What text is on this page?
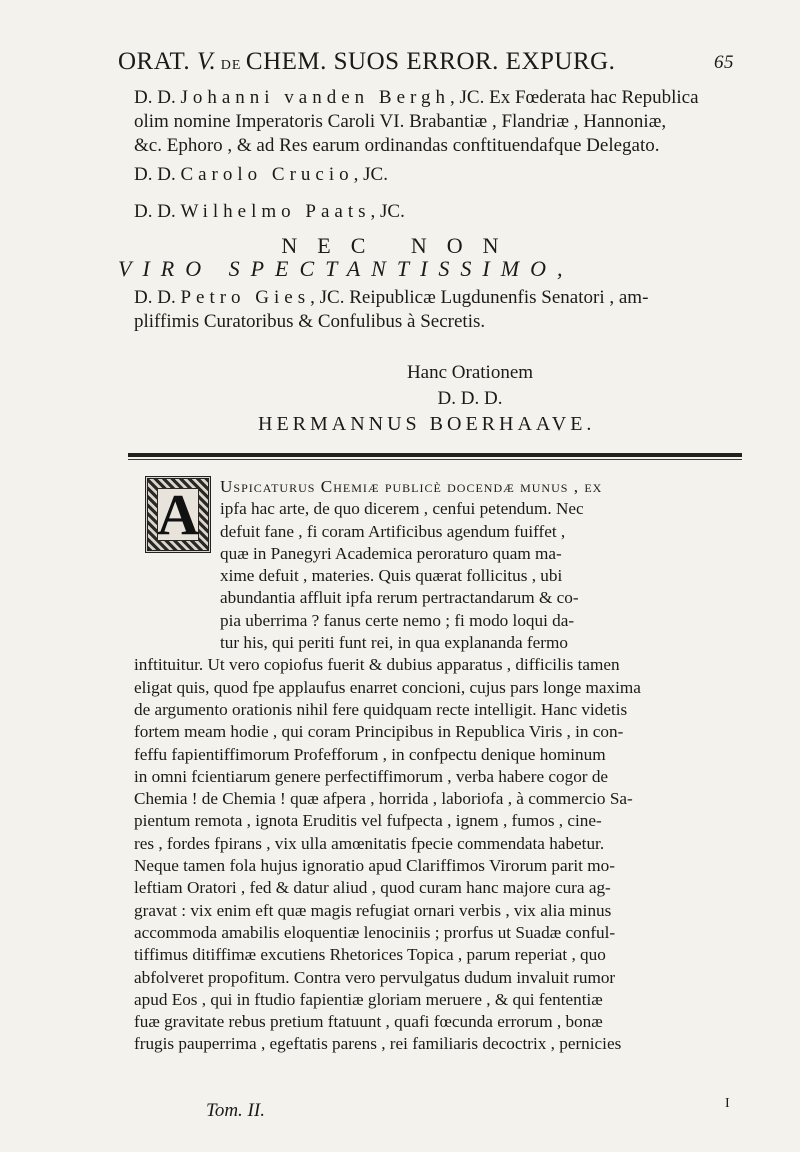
ORAT. V. DE CHEM. SUOS ERROR. EXPURG.	65
D. D. Johanni vanden Bergh, JC. Ex Fœderata hac Republica
olim nomine Imperatoris Caroli VI. Brabantiæ , Flandriæ , Hannoniæ,
&c. Ephoro , & ad Res earum ordinandas conftituendafque Delegato.
D. D. Carolo Crucio, JC.
D. D. Wilhelmo Paats, JC.
NEC NON
VIRO SPECTANTISSIMO,
D. D. Petro Gies, JC. Reipublicæ Lugdunenfis Senatori , am-
pliffimis Curatoribus & Confulibus à Secretis.
Hanc Orationem
D. D. D.
HERMANNUS BOERHAAVE.
Uspicaturus Chemiæ publicè docendæ munus , ex
ipfa hac arte, de quo dicerem , cenfui petendum. Nec
defuit fane , fi coram Artificibus agendum fuiffet ,
quæ in Panegyri Academica peroraturo quam ma-
xime defuit , materies. Quis quærat follicitus , ubi
abundantia affluit ipfa rerum pertractandarum & co-
pia uberrima ? fanus certe nemo ; fi modo loqui da-
tur his, qui periti funt rei, in qua explananda fermo
inftituitur. Ut vero copiofus fuerit & dubius apparatus , difficilis tamen
eligat quis, quod fpe applaufus enarret concioni, cujus pars longe maxima
de argumento orationis nihil fere quidquam recte intelligit. Hanc videtis
fortem meam hodie , qui coram Principibus in Republica Viris , in con-
feffu fapientiffimorum Profefforum , in confpectu denique hominum
in omni fcientiarum genere perfectiffimorum , verba habere cogor de
Chemia ! de Chemia ! quæ afpera , horrida , laboriofa , à commercio Sa-
pientum remota , ignota Eruditis vel fufpecta , ignem , fumos , cine-
res , fordes fpirans , vix ulla amœnitatis fpecie commendata habetur.
Neque tamen fola hujus ignoratio apud Clariffimos Virorum parit mo-
leftiam Oratori , fed & datur aliud , quod curam hanc majore cura ag-
gravat : vix enim eft quæ magis refugiat ornari verbis , vix alia minus
accommoda amabilis eloquentiæ lenociniis ; prorfus ut Suadæ conful-
tiffimus ditiffimæ excutiens Rhetorices Topica , parum reperiat , quo
abfolveret propofitum. Contra vero pervulgatus dudum invaluit rumor
apud Eos , qui in ftudio fapientiæ gloriam meruere , & qui fententiæ
fuæ gravitate rebus pretium ftatuunt , quafi fœcunda errorum , bonæ
frugis pauperrima , egeftatis parens , rei familiaris decoctrix , pernicies
A
Tom. II.	I
